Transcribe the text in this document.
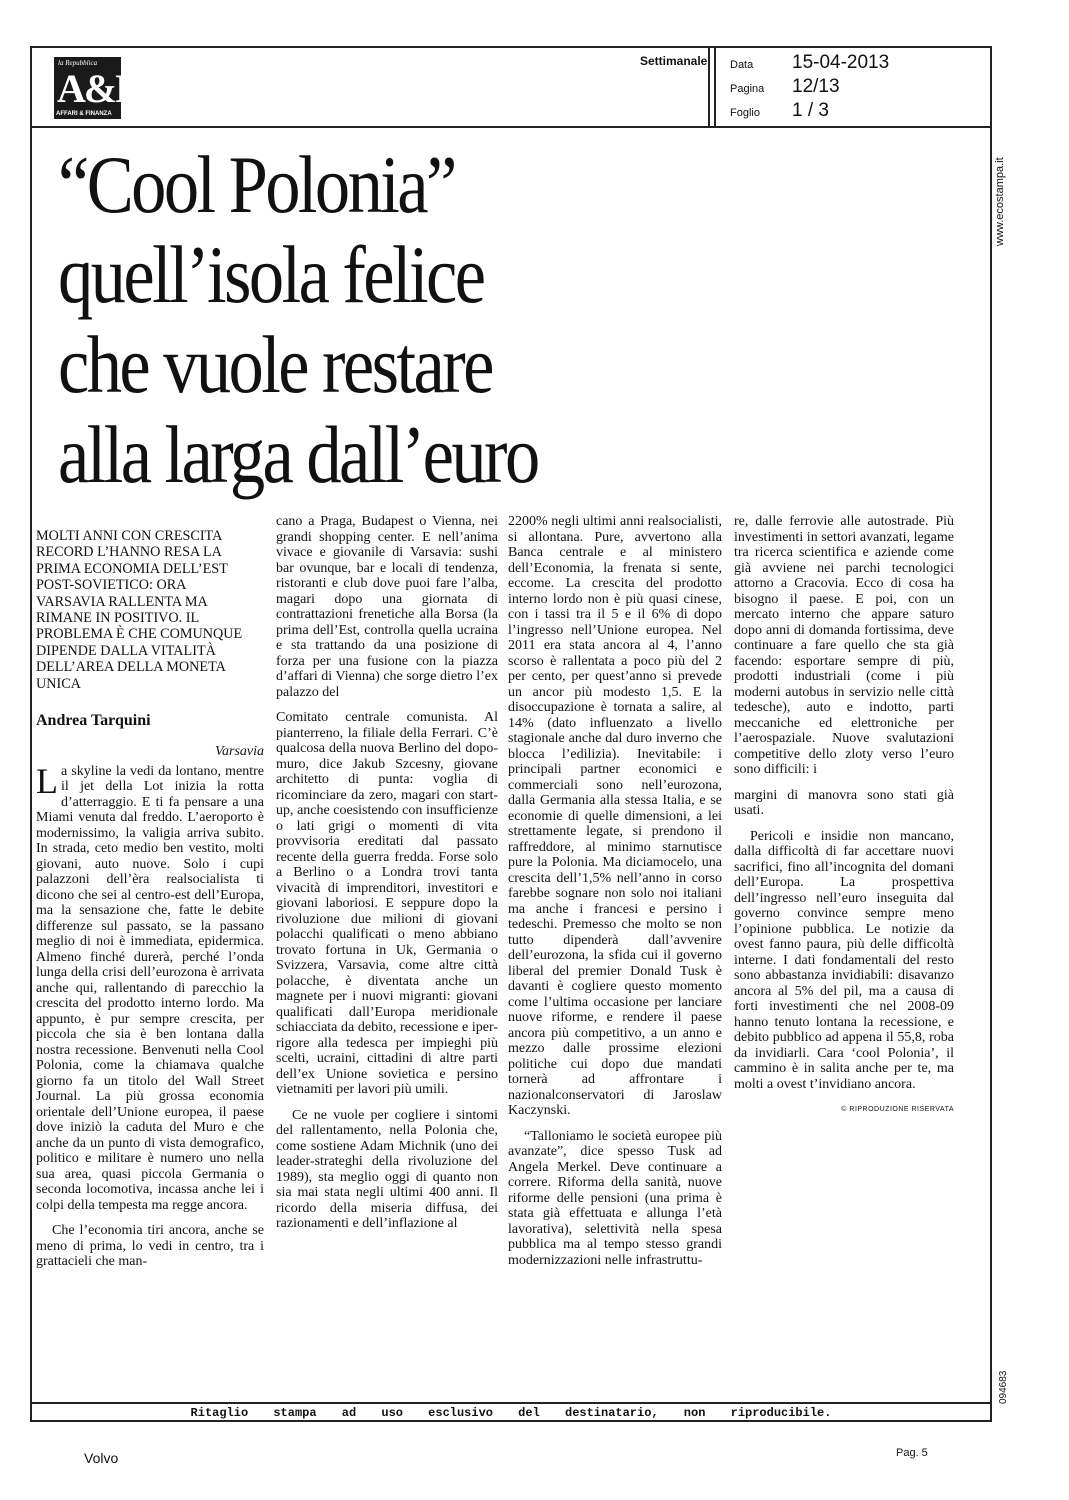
la Repubblica
A&F
AFFARI & FINANZA
Settimanale Data 15-04-2013
Pagina 12/13
Foglio 1 / 3
www.ecostampa.it
094683
“Cool Polonia”
quell’isola felice
che vuole restare
alla larga dall’euro
MOLTI ANNI CON CRESCITA RECORD L’HANNO RESA LA PRIMA ECONOMIA DELL’EST POST-SOVIETICO: ORA VARSAVIA RALLENTA MA RIMANE IN POSITIVO. IL PROBLEMA È CHE COMUNQUE DIPENDE DALLA VITALITÀ DELL’AREA DELLA MONETA UNICA
Andrea Tarquini
Varsavia

La skyline la vedi da lontano, mentre il jet della Lot inizia la rotta d’atterraggio. E ti fa pensare a una Miami venuta dal freddo. L’aeroporto è modernissimo, la valigia arriva subito. In strada, ceto medio ben vestito, molti giovani, auto nuove. Solo i cupi palazzoni dell’èra realsocialista ti dicono che sei al centro-est dell’Europa, ma la sensazione che, fatte le debite differenze sul passato, se la passano meglio di noi è immediata, epidermica. Almeno finché durerà, perché l’onda lunga della crisi dell’eurozona è arrivata anche qui, rallentando di parecchio la crescita del prodotto interno lordo. Ma appunto, è pur sempre crescita, per piccola che sia è ben lontana dalla nostra recessione. Benvenuti nella Cool Polonia, come la chiamava qualche giorno fa un titolo del Wall Street Journal. La più grossa economia orientale dell’Unione europea, il paese dove iniziò la caduta del Muro e che anche da un punto di vista demografico, politico e militare è numero uno nella sua area, quasi piccola Germania o seconda locomotiva, incassa anche lei i colpi della tempesta ma regge ancora.

Che l’economia tiri ancora, anche se meno di prima, lo vedi in centro, tra i grattacieli che man-

cano a Praga, Budapest o Vienna, nei grandi shopping center. E nell’anima vivace e giovanile di Varsavia: sushi bar ovunque, bar e locali di tendenza, ristoranti e club dove puoi fare l’alba, magari dopo una giornata di contrattazioni frenetiche alla Borsa (la prima dell’Est, controlla quella ucraina e sta trattando da una posizione di forza per una fusione con la piazza d’affari di Vienna) che sorge dietro l’ex palazzo del

Comitato centrale comunista. Al pianterreno, la filiale della Ferrari. C’è qualcosa della nuova Berlino del dopo-muro, dice Jakub Szcesny, giovane architetto di punta: voglia di ricominciare da zero, magari con start-up, anche coesistendo con insufficienze o lati grigi o momenti di vita provvisoria ereditati dal passato recente della guerra fredda. Forse solo a Berlino o a Londra trovi tanta vivacità di imprenditori, investitori e giovani laboriosi. E seppure dopo la rivoluzione due milioni di giovani polacchi qualificati o meno abbiano trovato fortuna in Uk, Germania o Svizzera, Varsavia, come altre città polacche, è diventata anche un magnete per i nuovi migranti: giovani qualificati dall’Europa meridionale schiacciata da debito, recessione e iper-rigore alla tedesca per impieghi più scelti, ucraini, cittadini di altre parti dell’ex Unione sovietica e persino vietnamiti per lavori più umili.

Ce ne vuole per cogliere i sintomi del rallentamento, nella Polonia che, come sostiene Adam Michnik (uno dei leader-strateghi della rivoluzione del 1989), sta meglio oggi di quanto non sia mai stata negli ultimi 400 anni. Il ricordo della miseria diffusa, dei razionamenti e dell’inflazione al

2200% negli ultimi anni realsocialisti, si allontana. Pure, avvertono alla Banca centrale e al ministero dell’Economia, la frenata si sente, eccome. La crescita del prodotto interno lordo non è più quasi cinese, con i tassi tra il 5 e il 6% di dopo l’ingresso nell’Unione europea. Nel 2011 era stata ancora al 4, l’anno scorso è rallentata a poco più del 2 per cento, per quest’anno si prevede un ancor più modesto 1,5. E la disoccupazione è tornata a salire, al 14% (dato influenzato a livello stagionale anche dal duro inverno che blocca l’edilizia). Inevitabile: i principali partner economici e commerciali sono nell’eurozona, dalla Germania alla stessa Italia, e se economie di quelle dimensioni, a lei strettamente legate, si prendono il raffreddore, al minimo starnutisce pure la Polonia. Ma diciamocelo, una crescita dell’1,5% nell’anno in corso farebbe sognare non solo noi italiani ma anche i francesi e persino i tedeschi. Premesso che molto se non tutto dipenderà dall’avvenire dell’eurozona, la sfida cui il governo liberal del premier Donald Tusk è davanti è cogliere questo momento come l’ultima occasione per lanciare nuove riforme, e rendere il paese ancora più competitivo, a un anno e mezzo dalle prossime elezioni politiche cui dopo due mandati tornerà ad affrontare i nazionalconservatori di Jaroslaw Kaczynski.

“Talloniamo le società europee più avanzate”, dice spesso Tusk ad Angela Merkel. Deve continuare a correre. Riforma della sanità, nuove riforme delle pensioni (una prima è stata già effettuata e allunga l’età lavorativa), selettività nella spesa pubblica ma al tempo stesso grandi modernizzazioni nelle infrastruttu-

re, dalle ferrovie alle autostrade. Più investimenti in settori avanzati, legame tra ricerca scientifica e aziende come già avviene nei parchi tecnologici attorno a Cracovia. Ecco di cosa ha bisogno il paese. E poi, con un mercato interno che appare saturo dopo anni di domanda fortissima, deve continuare a fare quello che sta già facendo: esportare sempre di più, prodotti industriali (come i più moderni autobus in servizio nelle città tedesche), auto e indotto, parti meccaniche ed elettroniche per l’aerospaziale. Nuove svalutazioni competitive dello zloty verso l’euro sono difficili: i

margini di manovra sono stati già usati.

Pericoli e insidie non mancano, dalla difficoltà di far accettare nuovi sacrifici, fino all’incognita del domani dell’Europa. La prospettiva dell’ingresso nell’euro inseguita dal governo convince sempre meno l’opinione pubblica. Le notizie da ovest fanno paura, più delle difficoltà interne. I dati fondamentali del resto sono abbastanza invidiabili: disavanzo ancora al 5% del pil, ma a causa di forti investimenti che nel 2008-09 hanno tenuto lontana la recessione, e debito pubblico ad appena il 55,8, roba da invidiarli. Cara ‘cool Polonia’, il cammino è in salita anche per te, ma molti a ovest t’invidiano ancora.

© RIPRODUZIONE RISERVATA
Ritaglio stampa ad uso esclusivo del destinatario, non riproducibile.
Volvo	Pag. 5
